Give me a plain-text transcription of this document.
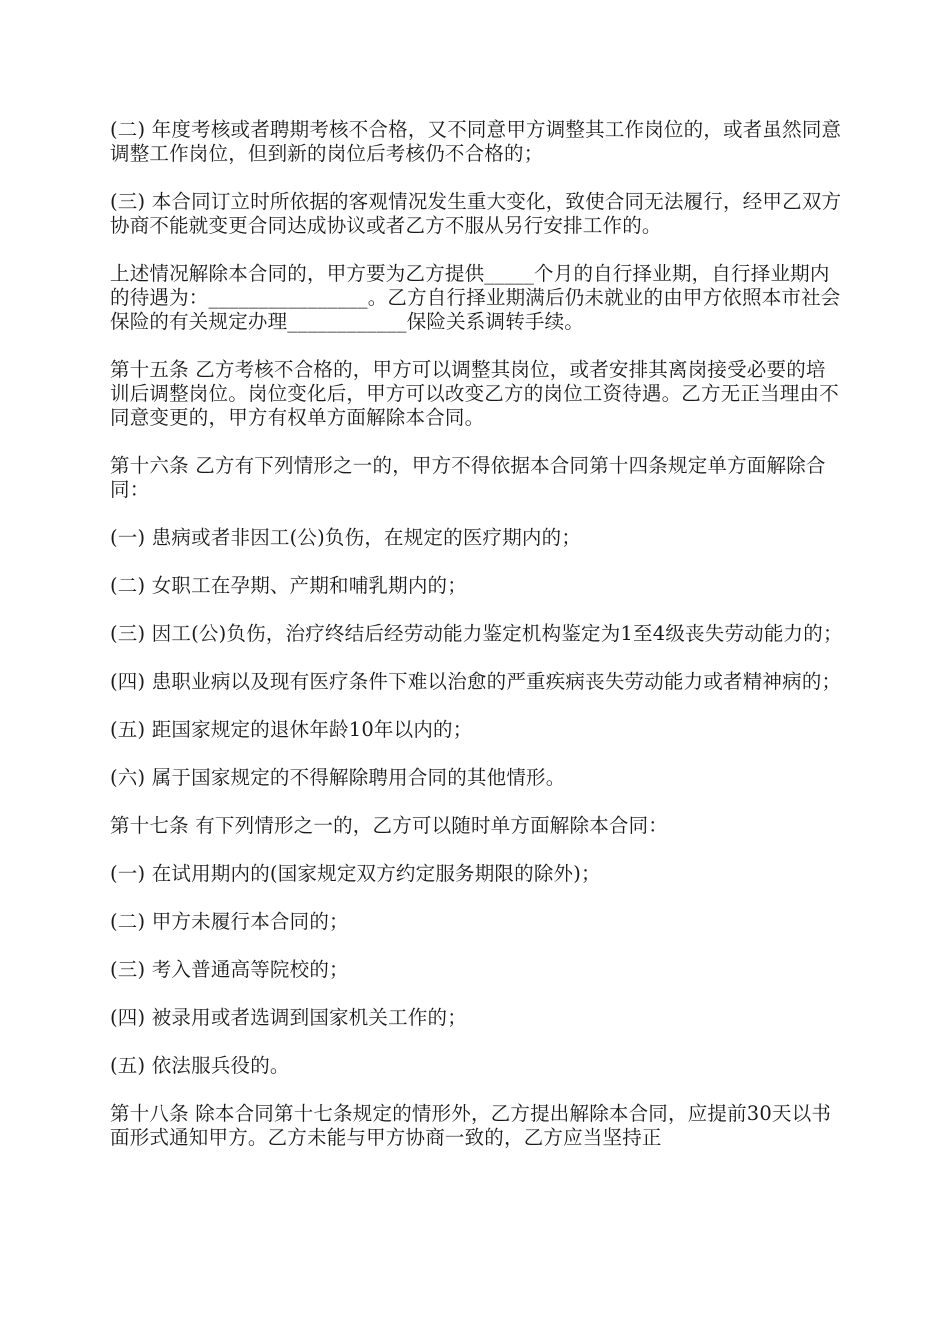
(二) 年度考核或者聘期考核不合格，又不同意甲方调整其工作岗位的，或者虽然同意调整工作岗位，但到新的岗位后考核仍不合格的；

(三) 本合同订立时所依据的客观情况发生重大变化，致使合同无法履行，经甲乙双方协商不能就变更合同达成协议或者乙方不服从另行安排工作的。

上述情况解除本合同的，甲方要为乙方提供_____个月的自行择业期，自行择业期内的待遇为：________________。乙方自行择业期满后仍未就业的由甲方依照本市社会保险的有关规定办理____________保险关系调转手续。

第十五条 乙方考核不合格的，甲方可以调整其岗位，或者安排其离岗接受必要的培训后调整岗位。岗位变化后，甲方可以改变乙方的岗位工资待遇。乙方无正当理由不同意变更的，甲方有权单方面解除本合同。

第十六条 乙方有下列情形之一的，甲方不得依据本合同第十四条规定单方面解除合同：

(一) 患病或者非因工(公)负伤，在规定的医疗期内的；

(二) 女职工在孕期、产期和哺乳期内的；

(三) 因工(公)负伤，治疗终结后经劳动能力鉴定机构鉴定为1至4级丧失劳动能力的；

(四) 患职业病以及现有医疗条件下难以治愈的严重疾病丧失劳动能力或者精神病的；

(五) 距国家规定的退休年龄10年以内的；

(六) 属于国家规定的不得解除聘用合同的其他情形。

第十七条 有下列情形之一的，乙方可以随时单方面解除本合同：

(一) 在试用期内的(国家规定双方约定服务期限的除外)；

(二) 甲方未履行本合同的；

(三) 考入普通高等院校的；

(四) 被录用或者选调到国家机关工作的；

(五) 依法服兵役的。

第十八条 除本合同第十七条规定的情形外，乙方提出解除本合同，应提前30天以书面形式通知甲方。乙方未能与甲方协商一致的，乙方应当坚持正
